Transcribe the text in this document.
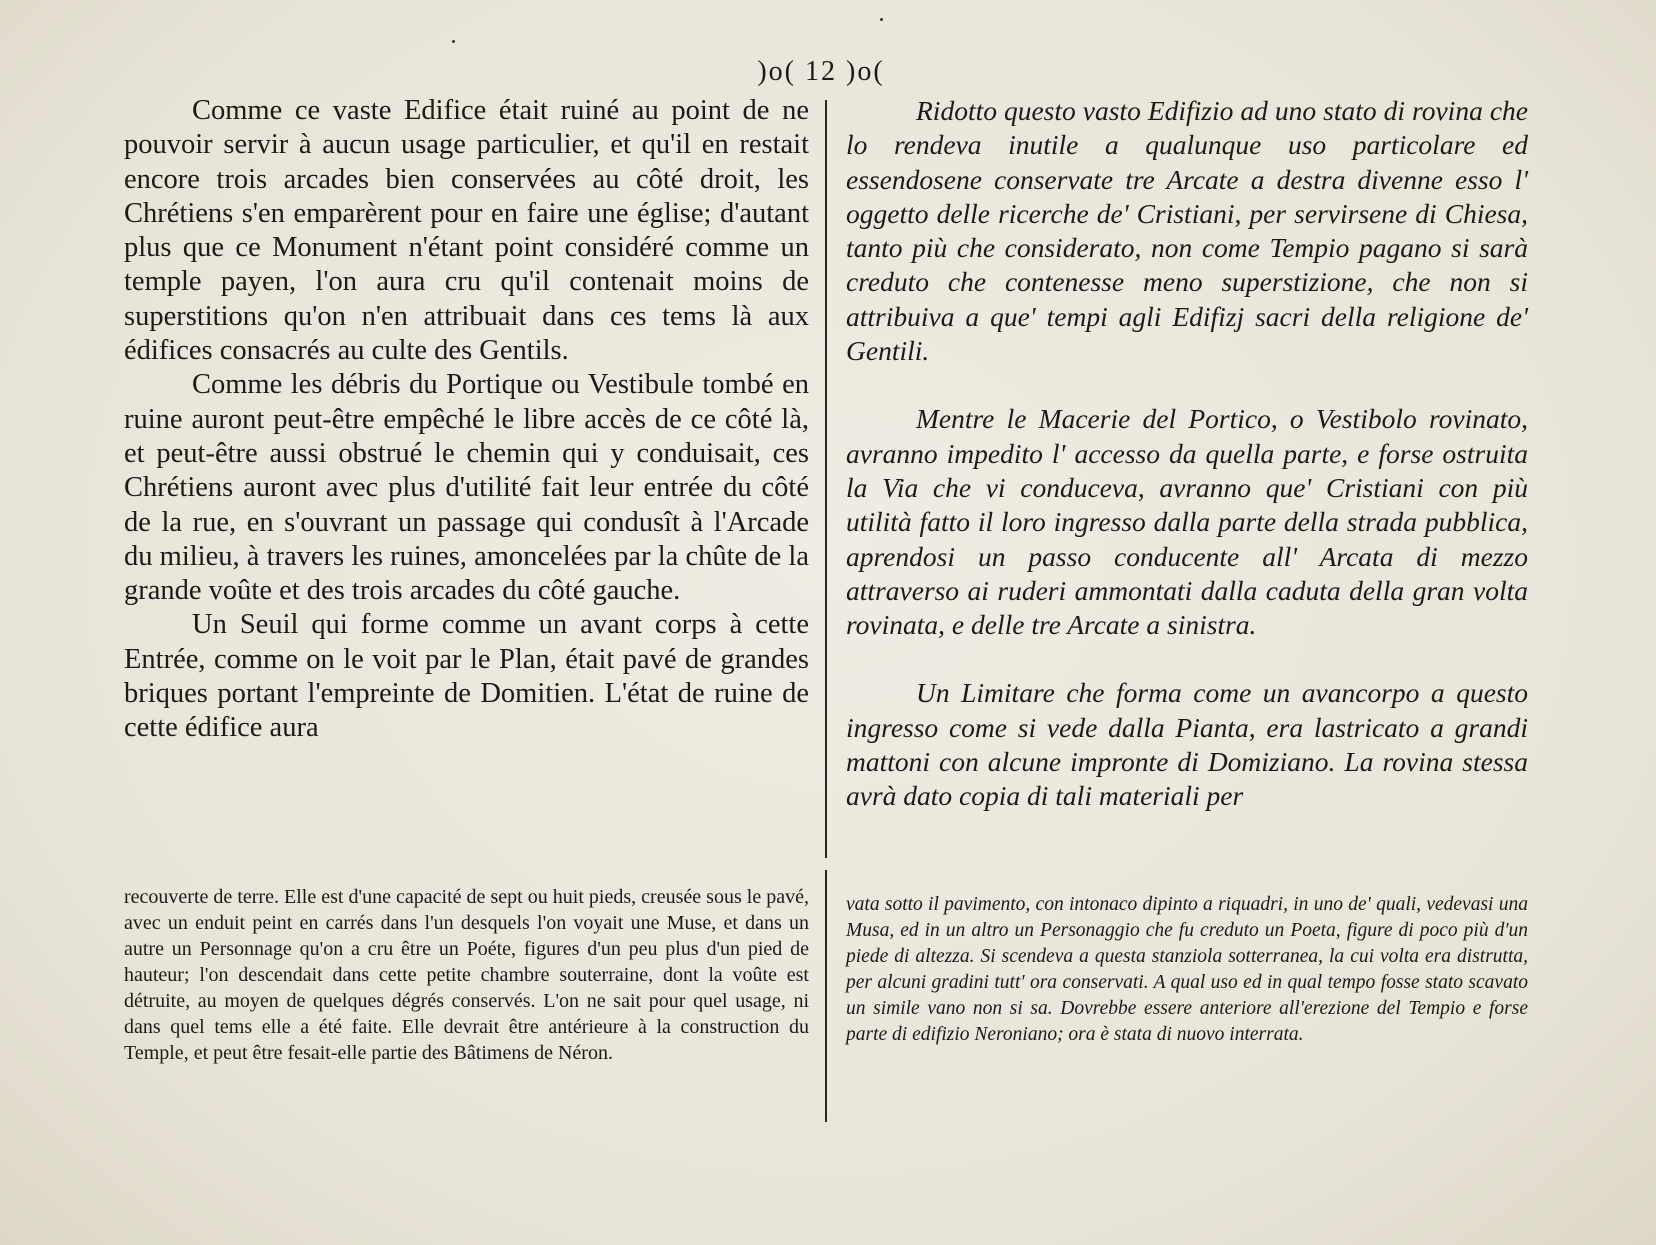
)o( 12 )o(

Comme ce vaste Edifice était ruiné au point de ne pouvoir servir à aucun usage particulier, et qu'il en restait encore trois arcades bien conservées au côté droit, les Chrétiens s'en emparèrent pour en faire une église; d'autant plus que ce Monument n'étant point considéré comme un temple payen, l'on aura cru qu'il contenait moins de superstitions qu'on n'en attribuait dans ces tems là aux édifices consacrés au culte des Gentils.

Comme les débris du Portique ou Vestibule tombé en ruine auront peut-être empêché le libre accès de ce côté là, et peut-être aussi obstrué le chemin qui y conduisait, ces Chrétiens auront avec plus d'utilité fait leur entrée du côté de la rue, en s'ouvrant un passage qui condusît à l'Arcade du milieu, à travers les ruines, amoncelées par la chûte de la grande voûte et des trois arcades du côté gauche.

Un Seuil qui forme comme un avant corps à cette Entrée, comme on le voit par le Plan, était pavé de grandes briques portant l'empreinte de Domitien. L'état de ruine de cette édifice aura

Ridotto questo vasto Edifizio ad uno stato di rovina che lo rendeva inutile a qualunque uso particolare ed essendosene conservate tre Arcate a destra divenne esso l' oggetto delle ricerche de' Cristiani, per servirsene di Chiesa, tanto più che considerato, non come Tempio pagano si sarà creduto che contenesse meno superstizione, che non si attribuiva a que' tempi agli Edifizj sacri della religione de' Gentili.

Mentre le Macerie del Portico, o Vestibolo rovinato, avranno impedito l' accesso da quella parte, e forse ostruita la Via che vi conduceva, avranno que' Cristiani con più utilità fatto il loro ingresso dalla parte della strada pubblica, aprendosi un passo conducente all' Arcata di mezzo attraverso ai ruderi ammontati dalla caduta della gran volta rovinata, e delle tre Arcate a sinistra.

Un Limitare che forma come un avancorpo a questo ingresso come si vede dalla Pianta, era lastricato a grandi mattoni con alcune impronte di Domiziano. La rovina stessa avrà dato copia di tali materiali per

recouverte de terre. Elle est d'une capacité de sept ou huit pieds, creusée sous le pavé, avec un enduit peint en carrés dans l'un desquels l'on voyait une Muse, et dans un autre un Personnage qu'on a cru être un Poéte, figures d'un peu plus d'un pied de hauteur; l'on descendait dans cette petite chambre souterraine, dont la voûte est détruite, au moyen de quelques dégrés conservés. L'on ne sait pour quel usage, ni dans quel tems elle a été faite. Elle devrait être antérieure à la construction du Temple, et peut être fesait-elle partie des Bâtimens de Néron.

vata sotto il pavimento, con intonaco dipinto a riquadri, in uno de' quali, vedevasi una Musa, ed in un altro un Personaggio che fu creduto un Poeta, figure di poco più d'un piede di altezza. Si scendeva a questa stanziola sotterranea, la cui volta era distrutta, per alcuni gradini tutt' ora conservati. A qual uso ed in qual tempo fosse stato scavato un simile vano non si sa. Dovrebbe essere anteriore all'erezione del Tempio e forse parte di edifizio Neroniano; ora è stata di nuovo interrata.
